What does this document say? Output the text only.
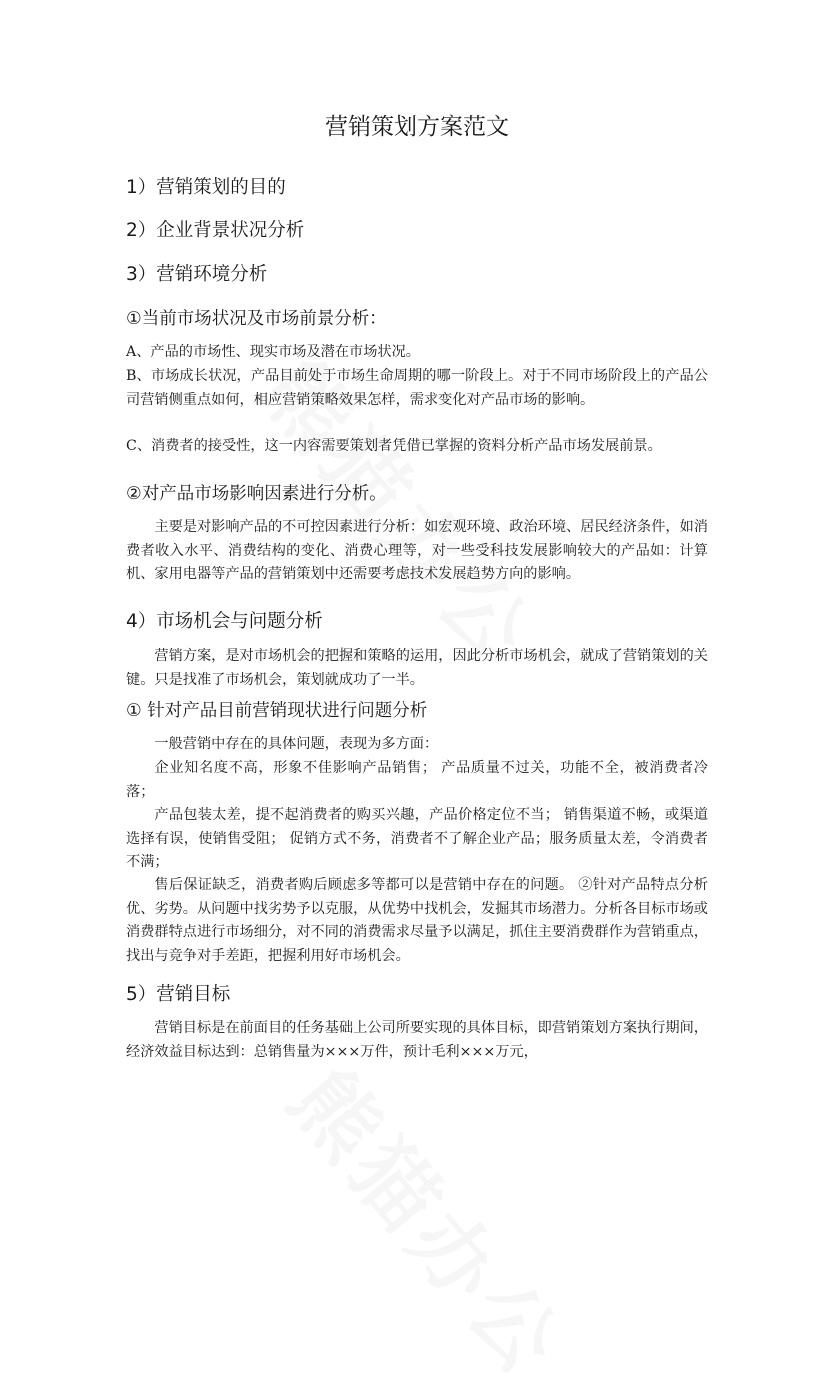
营销策划方案范文
1）营销策划的目的
2）企业背景状况分析
3）营销环境分析
①当前市场状况及市场前景分析：
A、产品的市场性、现实市场及潜在市场状况。
B、市场成长状况，产品目前处于市场生命周期的哪一阶段上。对于不同市场阶段上的产品公司营销侧重点如何，相应营销策略效果怎样，需求变化对产品市场的影响。
C、消费者的接受性，这一内容需要策划者凭借已掌握的资料分析产品市场发展前景。
②对产品市场影响因素进行分析。
主要是对影响产品的不可控因素进行分析：如宏观环境、政治环境、居民经济条件，如消费者收入水平、消费结构的变化、消费心理等，对一些受科技发展影响较大的产品如：计算机、家用电器等产品的营销策划中还需要考虑技术发展趋势方向的影响。
4）市场机会与问题分析
营销方案，是对市场机会的把握和策略的运用，因此分析市场机会，就成了营销策划的关键。只是找准了市场机会，策划就成功了一半。
① 针对产品目前营销现状进行问题分析
一般营销中存在的具体问题，表现为多方面：
企业知名度不高，形象不佳影响产品销售； 产品质量不过关，功能不全，被消费者冷落；
产品包装太差，提不起消费者的购买兴趣，产品价格定位不当； 销售渠道不畅，或渠道选择有误，使销售受阻； 促销方式不务，消费者不了解企业产品；服务质量太差，令消费者不满；
售后保证缺乏，消费者购后顾虑多等都可以是营销中存在的问题。 ②针对产品特点分析优、劣势。从问题中找劣势予以克服，从优势中找机会，发掘其市场潜力。分析各目标市场或消费群特点进行市场细分，对不同的消费需求尽量予以满足，抓住主要消费群作为营销重点，找出与竞争对手差距，把握利用好市场机会。
5）营销目标
营销目标是在前面目的任务基础上公司所要实现的具体目标，即营销策划方案执行期间，经济效益目标达到：总销售量为×××万件，预计毛利×××万元，
